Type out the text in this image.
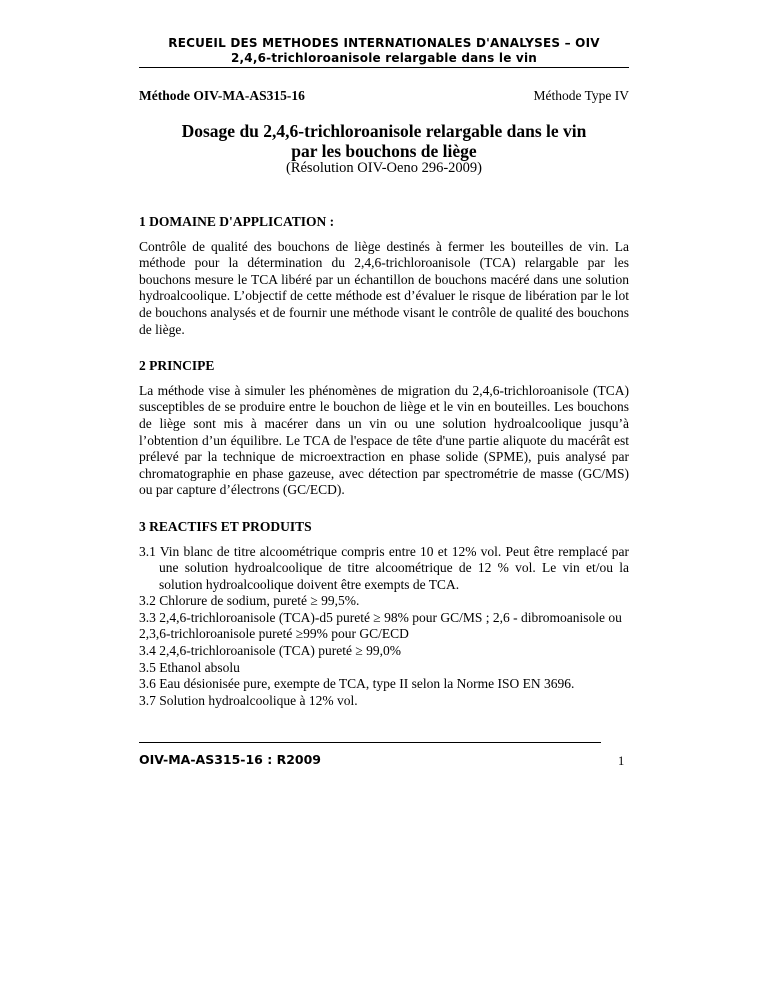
RECUEIL DES METHODES INTERNATIONALES D'ANALYSES – OIV
2,4,6-trichloroanisole relargable dans le vin
Méthode OIV-MA-AS315-16	Méthode Type IV
Dosage du 2,4,6-trichloroanisole relargable dans le vin
par les bouchons de liège
(Résolution OIV-Oeno 296-2009)

1 DOMAINE D'APPLICATION :

Contrôle de qualité des bouchons de liège destinés à fermer les bouteilles de vin. La méthode pour la détermination du 2,4,6-trichloroanisole (TCA) relargable par les bouchons mesure le TCA libéré par un échantillon de bouchons macéré dans une solution hydroalcoolique. L’objectif de cette méthode est d’évaluer le risque de libération par le lot de bouchons analysés et de fournir une méthode visant le contrôle de qualité des bouchons de liège.

2 PRINCIPE

La méthode vise à simuler les phénomènes de migration du 2,4,6-trichloroanisole (TCA) susceptibles de se produire entre le bouchon de liège et le vin en bouteilles. Les bouchons de liège sont mis à macérer dans un vin ou une solution hydroalcoolique jusqu’à l’obtention d’un équilibre. Le TCA de l'espace de tête d'une partie aliquote du macérât est prélevé par la technique de microextraction en phase solide (SPME), puis analysé par chromatographie en phase gazeuse, avec détection par spectrométrie de masse (GC/MS) ou par capture d’électrons (GC/ECD).

3 REACTIFS ET PRODUITS

3.1 Vin blanc de titre alcoométrique compris entre 10 et 12% vol. Peut être remplacé par une solution hydroalcoolique de titre alcoométrique de 12 % vol. Le vin et/ou la solution hydroalcoolique doivent être exempts de TCA.
3.2 Chlorure de sodium, pureté ≥ 99,5%.
3.3 2,4,6-trichloroanisole (TCA)-d5 pureté ≥ 98% pour GC/MS ; 2,6 - dibromoanisole ou
2,3,6-trichloroanisole pureté ≥99% pour GC/ECD
3.4 2,4,6-trichloroanisole (TCA) pureté ≥ 99,0%
3.5 Ethanol absolu
3.6 Eau désionisée pure, exempte de TCA, type II selon la Norme ISO EN 3696.
3.7 Solution hydroalcoolique à 12% vol.
OIV-MA-AS315-16 : R2009	1
